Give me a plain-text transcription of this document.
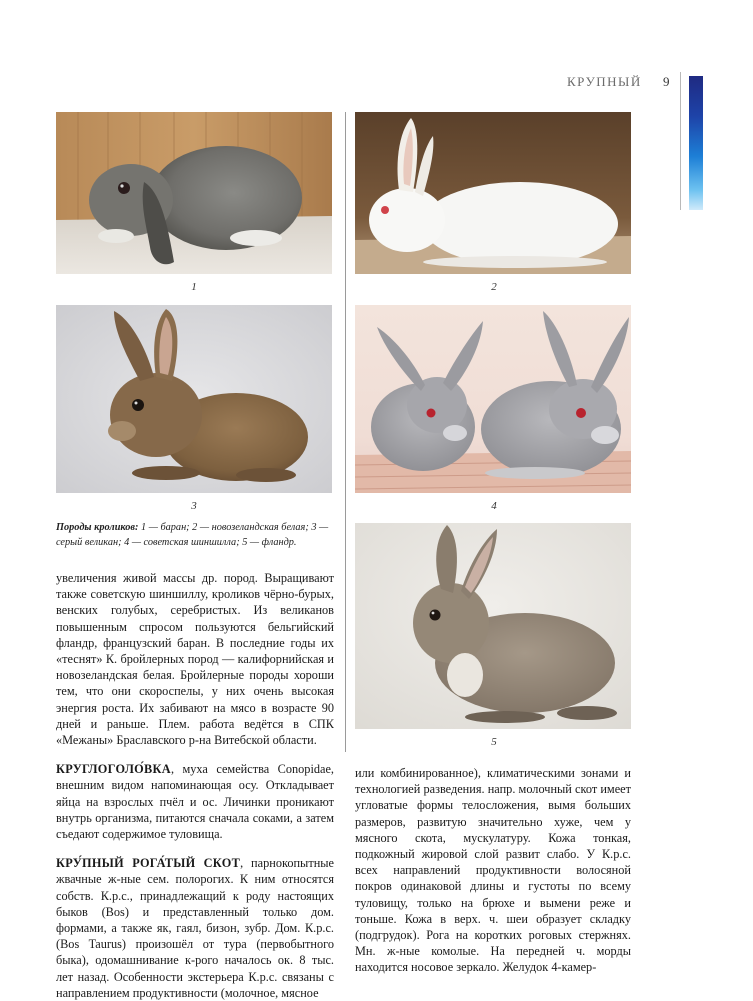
КРУПНЫЙ 9
1	2
3	4
Породы кроликов: 1 — баран; 2 — новозеландская белая; 3 — серый великан; 4 — советская шиншилла; 5 — фландр.
5

увеличения живой массы др. пород. Выращивают также советскую шиншиллу, кроликов чёрно-бурых, венских голубых, серебристых. Из великанов повышенным спросом пользуются бельгийский фландр, французский баран. В последние годы их «теснят» К. бройлерных пород — калифорнийская и новозеландская белая. Бройлерные породы хороши тем, что они скороспелы, у них очень высокая энергия роста. Их забивают на мясо в возрасте 90 дней и раньше. Плем. работа ведётся в СПК «Межаны» Браславского р-на Витебской области.

КРУГЛОГОЛО́ВКА, муха семейства Conopidae, внешним видом напоминающая осу. Откладывает яйца на взрослых пчёл и ос. Личинки проникают внутрь организма, питаются сначала соками, а затем съедают содержимое туловища.

КРУ́ПНЫЙ РОГА́ТЫЙ СКОТ, парнокопытные жвачные ж-ные сем. полорогих. К ним относятся собств. К.р.с., принадлежащий к роду настоящих быков (Bos) и представленный только дом. формами, а также як, гаял, бизон, зубр. Дом. К.р.с. (Bos Taurus) произошёл от тура (первобытного быка), одомашнивание к-рого началось ок. 8 тыс. лет назад. Особенности экстерьера К.р.с. связаны с направлением продуктивности (молочное, мясное

или комбинированное), климатическими зонами и технологией разведения. напр. молочный скот имеет угловатые формы телосложения, вымя больших размеров, развитую значительно хуже, чем у мясного скота, мускулатуру. Кожа тонкая, подкожный жировой слой развит слабо. У К.р.с. всех направлений продуктивности волосяной покров одинаковой длины и густоты по всему туловищу, только на брюхе и вымени реже и тоньше. Кожа в верх. ч. шеи образует складку (подгрудок). Рога на коротких роговых стержнях. Мн. ж-ные комолые. На передней ч. морды находится носовое зеркало. Желудок 4-камер-
